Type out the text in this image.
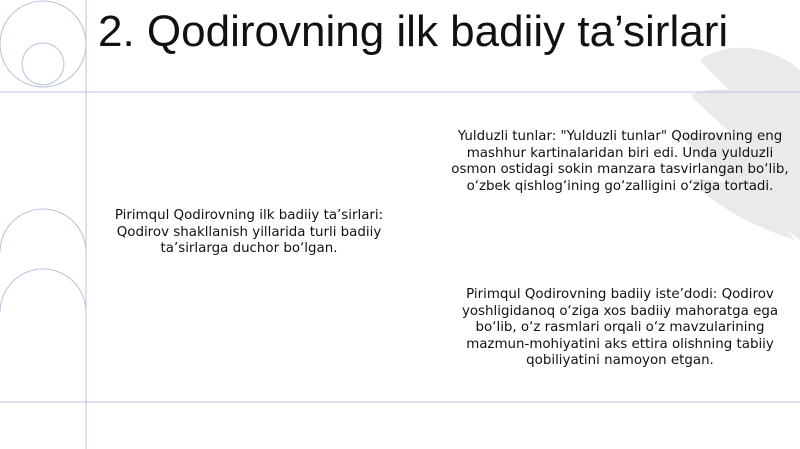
2. Qodirovning ilk badiiy ta’sirlari
Pirimqul Qodirovning ilk badiiy ta’sirlari: Qodirov shakllanish yillarida turli badiiy ta’sirlarga duchor bo‘lgan.
Yulduzli tunlar: "Yulduzli tunlar" Qodirovning eng mashhur kartinalaridan biri edi. Unda yulduzli osmon ostidagi sokin manzara tasvirlangan bo‘lib, o‘zbek qishlog‘ining go‘zalligini o‘ziga tortadi.
Pirimqul Qodirovning badiiy iste’dodi: Qodirov yoshligidanoq o‘ziga xos badiiy mahoratga ega bo‘lib, o‘z rasmlari orqali o‘z mavzularining mazmun-mohiyatini aks ettira olishning tabiiy qobiliyatini namoyon etgan.
